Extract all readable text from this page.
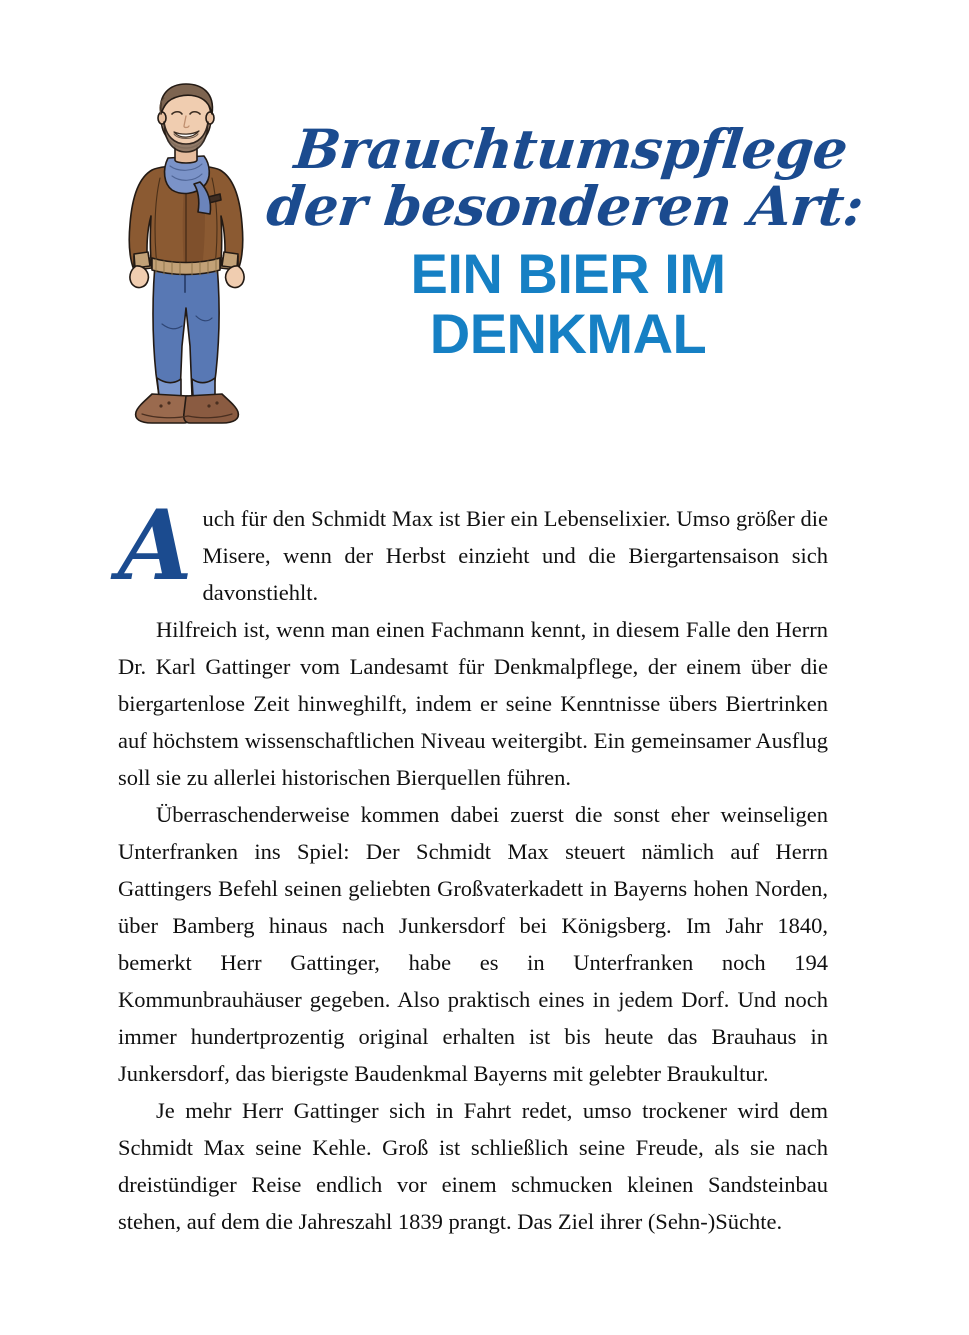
Brauchtumspflege
der besonderen Art:
EIN BIER IM
DENKMAL

Auch für den Schmidt Max ist Bier ein Lebenselixier. Umso größer die Misere, wenn der Herbst einzieht und die Biergartensaison sich davonstiehlt.

Hilfreich ist, wenn man einen Fachmann kennt, in diesem Falle den Herrn Dr. Karl Gattinger vom Landesamt für Denkmalpflege, der einem über die biergartenlose Zeit hinweghilft, indem er seine Kenntnisse übers Biertrinken auf höchstem wissenschaftlichen Niveau weitergibt. Ein gemeinsamer Ausflug soll sie zu allerlei historischen Bierquellen führen.

Überraschenderweise kommen dabei zuerst die sonst eher weinseligen Unterfranken ins Spiel: Der Schmidt Max steuert nämlich auf Herrn Gattingers Befehl seinen geliebten Großvaterkadett in Bayerns hohen Norden, über Bamberg hinaus nach Junkersdorf bei Königsberg. Im Jahr 1840, bemerkt Herr Gattinger, habe es in Unterfranken noch 194 Kommunbrauhäuser gegeben. Also praktisch eines in jedem Dorf. Und noch immer hundertprozentig original erhalten ist bis heute das Brauhaus in Junkersdorf, das bierigste Baudenkmal Bayerns mit gelebter Braukultur.

Je mehr Herr Gattinger sich in Fahrt redet, umso trockener wird dem Schmidt Max seine Kehle. Groß ist schließlich seine Freude, als sie nach dreistündiger Reise endlich vor einem schmucken kleinen Sandsteinbau stehen, auf dem die Jahreszahl 1839 prangt. Das Ziel ihrer (Sehn-)Süchte.
